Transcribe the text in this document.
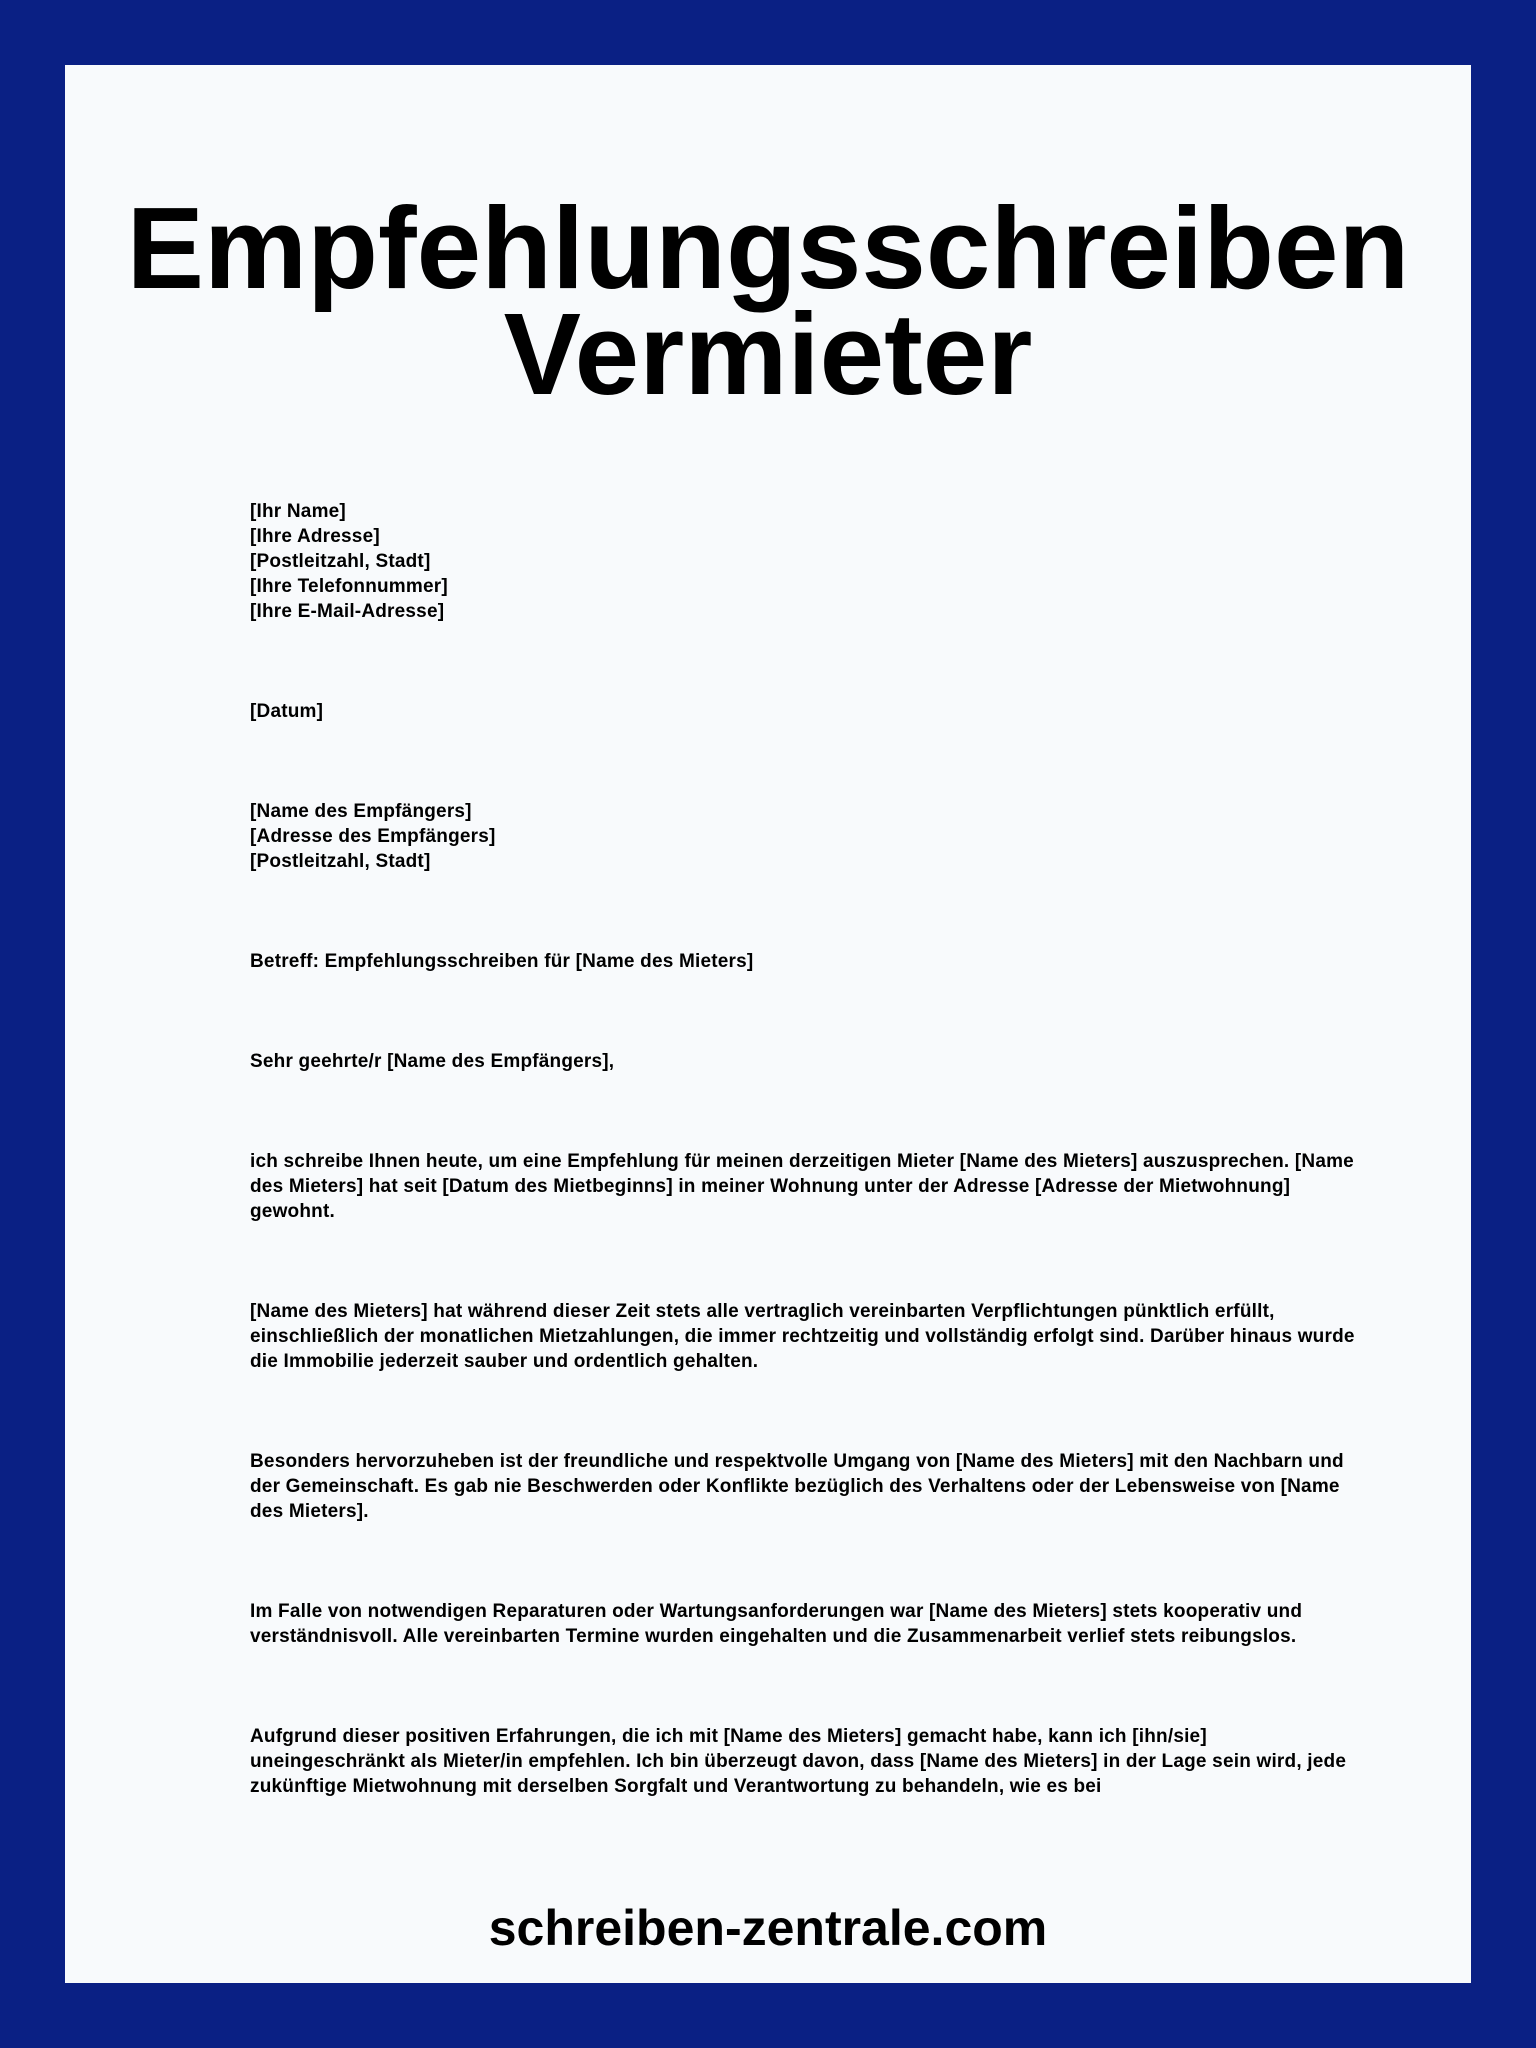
Empfehlungsschreiben
Vermieter
[Ihr Name]
[Ihre Adresse]
[Postleitzahl, Stadt]
[Ihre Telefonnummer]
[Ihre E-Mail-Adresse]
[Datum]
[Name des Empfängers]
[Adresse des Empfängers]
[Postleitzahl, Stadt]
Betreff: Empfehlungsschreiben für [Name des Mieters]
Sehr geehrte/r [Name des Empfängers],

ich schreibe Ihnen heute, um eine Empfehlung für meinen derzeitigen Mieter [Name des Mieters] auszusprechen. [Name des Mieters] hat seit [Datum des Mietbeginns] in meiner Wohnung unter der Adresse [Adresse der Mietwohnung] gewohnt.

[Name des Mieters] hat während dieser Zeit stets alle vertraglich vereinbarten Verpflichtungen pünktlich erfüllt, einschließlich der monatlichen Mietzahlungen, die immer rechtzeitig und vollständig erfolgt sind. Darüber hinaus wurde die Immobilie jederzeit sauber und ordentlich gehalten.

Besonders hervorzuheben ist der freundliche und respektvolle Umgang von [Name des Mieters] mit den Nachbarn und der Gemeinschaft. Es gab nie Beschwerden oder Konflikte bezüglich des Verhaltens oder der Lebensweise von [Name des Mieters].

Im Falle von notwendigen Reparaturen oder Wartungsanforderungen war [Name des Mieters] stets kooperativ und verständnisvoll. Alle vereinbarten Termine wurden eingehalten und die Zusammenarbeit verlief stets reibungslos.

Aufgrund dieser positiven Erfahrungen, die ich mit [Name des Mieters] gemacht habe, kann ich [ihn/sie] uneingeschränkt als Mieter/in empfehlen. Ich bin überzeugt davon, dass [Name des Mieters] in der Lage sein wird, jede zukünftige Mietwohnung mit derselben Sorgfalt und Verantwortung zu behandeln, wie es bei

schreiben-zentrale.com
